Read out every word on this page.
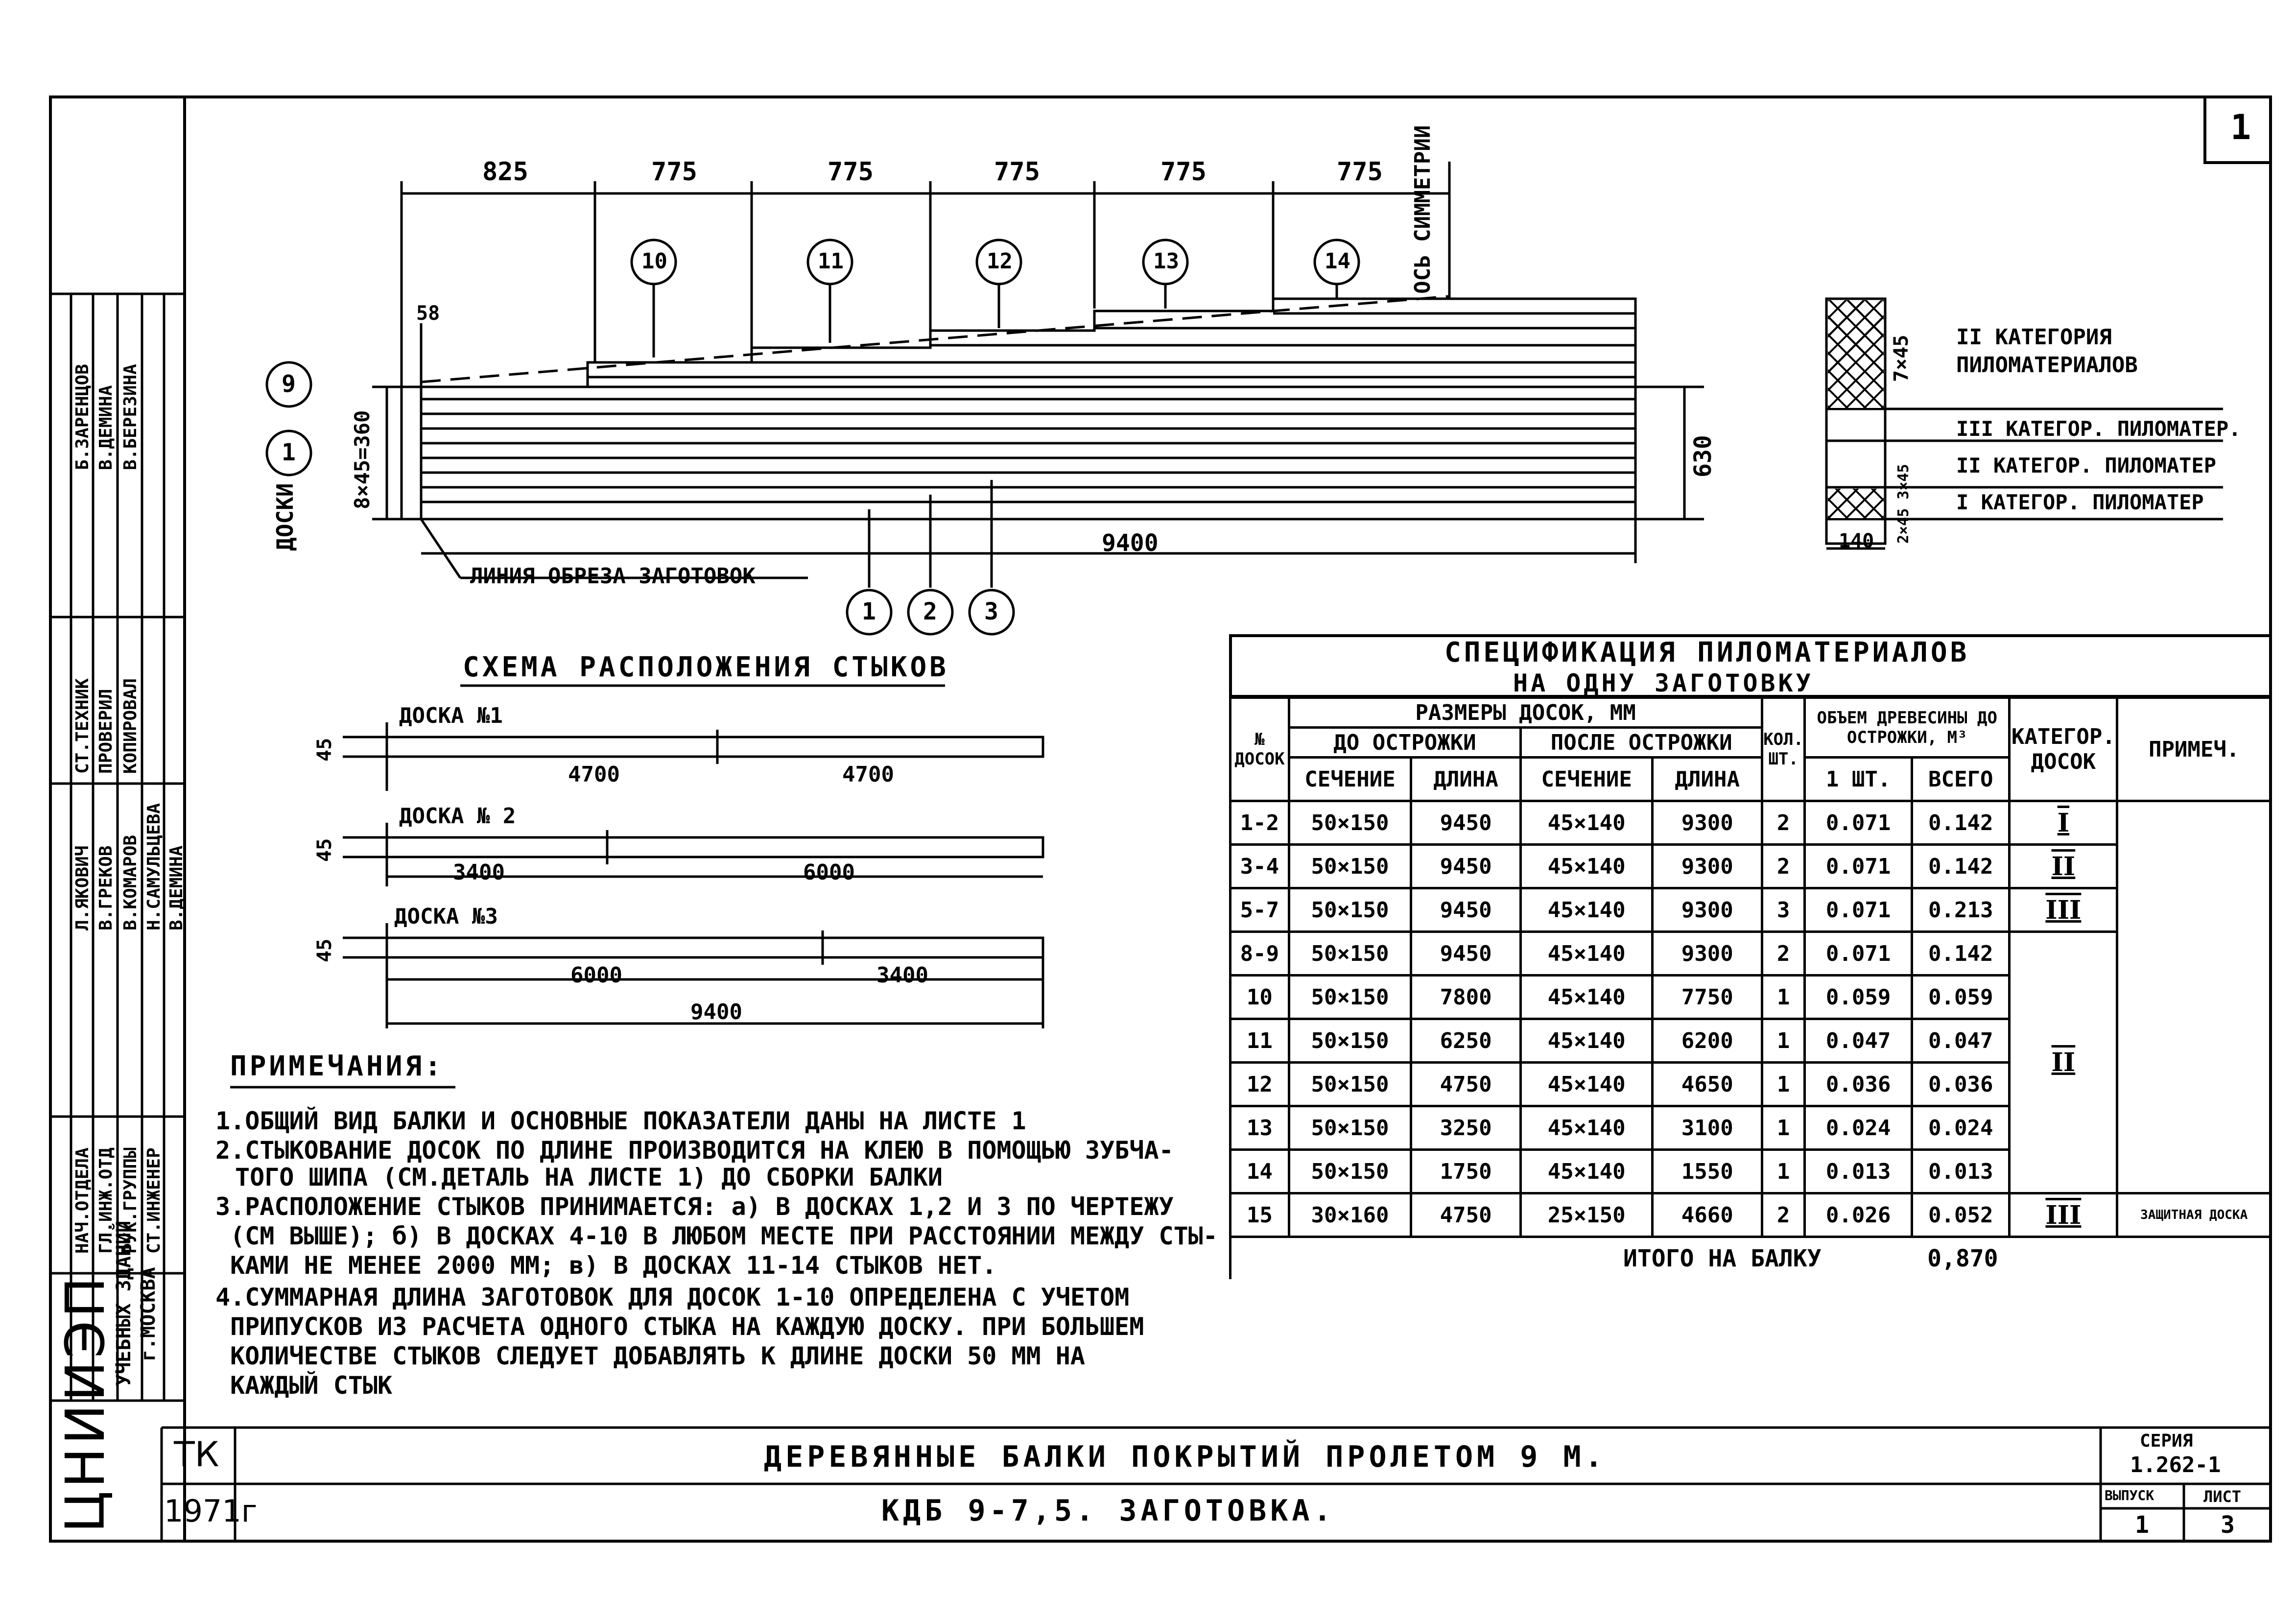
1
825	775	775	775	775	775 ОСЬ СИММЕТРИИ
10	11	12	13	14
1 2 3
9
1
58
8×45=360	630
9400
ДОСКИ
ЛИНИЯ ОБРЕЗА ЗАГОТОВОК
7×45
2×45 3×45
140
II КАТЕГОРИЯ ПИЛОМАТЕРИАЛОВ
III КАТЕГОР. ПИЛОМАТЕР.
II КАТЕГОР. ПИЛОМАТЕР
I КАТЕГОР. ПИЛОМАТЕР
СХЕМА РАСПОЛОЖЕНИЯ СТЫКОВ
ДОСКА №1
4700	4700
45
ДОСКА № 2
3400	6000
45
ДОСКА №3
6000	3400
45
9400
ПРИМЕЧАНИЯ:
1.ОБЩИЙ ВИД БАЛКИ И ОСНОВНЫЕ ПОКАЗАТЕЛИ ДАНЫ НА ЛИСТЕ 1
2.СТЫКОВАНИЕ ДОСОК ПО ДЛИНЕ ПРОИЗВОДИТСЯ НА КЛЕЮ В ПОМОЩЬЮ ЗУБЧА-
ТОГО ШИПА (СМ.ДЕТАЛЬ НА ЛИСТЕ 1) ДО СБОРКИ БАЛКИ
3.РАСПОЛОЖЕНИЕ СТЫКОВ ПРИНИМАЕТСЯ: а) В ДОСКАХ 1,2 И 3 ПО ЧЕРТЕЖУ
(СМ ВЫШЕ); б) В ДОСКАХ 4-10 В ЛЮБОМ МЕСТЕ ПРИ РАССТОЯНИИ МЕЖДУ СТЫ-
КАМИ НЕ МЕНЕЕ 2000 ММ; в) В ДОСКАХ 11-14 СТЫКОВ НЕТ.
4.СУММАРНАЯ ДЛИНА ЗАГОТОВОК ДЛЯ ДОСОК 1-10 ОПРЕДЕЛЕНА С УЧЕТОМ
ПРИПУСКОВ ИЗ РАСЧЕТА ОДНОГО СТЫКА НА КАЖДУЮ ДОСКУ. ПРИ БОЛЬШЕМ
КОЛИЧЕСТВЕ СТЫКОВ СЛЕДУЕТ ДОБАВЛЯТЬ К ДЛИНЕ ДОСКИ 50 ММ НА
КАЖДЫЙ СТЫК
СПЕЦИФИКАЦИЯ ПИЛОМАТЕРИАЛОВ
НА ОДНУ ЗАГОТОВКУ
№ ДОСОК	РАЗМЕРЫ ДОСОК, ММ				КОЛ. ШТ.	ОБЪЕМ ДРЕВЕСИНЫ ДО ОСТРОЖКИ, М³		КАТЕГОР. ДОСОК	ПРИМЕЧ.
	ДО ОСТРОЖКИ		ПОСЛЕ ОСТРОЖКИ						
	СЕЧЕНИЕ	ДЛИНА	СЕЧЕНИЕ	ДЛИНА		1 ШТ.	ВСЕГО		
1-2	50×150	9450	45×140	9300	2	0.071	0.142	I	
3-4	50×150	9450	45×140	9300	2	0.071	0.142	II	
5-7	50×150	9450	45×140	9300	3	0.071	0.213	III	
8-9	50×150	9450	45×140	9300	2	0.071	0.142	II	
10	50×150	7800	45×140	7750	1	0.059	0.059		
11	50×150	6250	45×140	6200	1	0.047	0.047		
12	50×150	4750	45×140	4650	1	0.036	0.036		
13	50×150	3250	45×140	3100	1	0.024	0.024		
14	50×150	1750	45×140	1550	1	0.013	0.013		
15	30×160	4750	25×150	4660	2	0.026	0.052	III	ЗАЩИТНАЯ ДОСКА
ИТОГО НА БАЛКУ 0,870									
ТК
1971г
ДЕРЕВЯННЫЕ БАЛКИ ПОКРЫТИЙ ПРОЛЕТОМ 9 М.
КДБ 9-7,5. ЗАГОТОВКА.
СЕРИЯ
1.262-1
ВЫПУСК
1
ЛИСТ
3
ЦНИИЭП
УЧЕБНЫХ ЗДАНИЙ г.МОСКВА
НАЧ.ОТДЕЛА ГЛ.ИНЖ.ОТД РУК.ГРУППЫ СТ.ИНЖЕНЕР
СТ.ТЕХНИК ПРОВЕРИЛ КОПИРОВАЛ
Л.ЯКОВИЧ В.ГРЕКОВ В.КОМАРОВ Н.САМУЛЬЦЕВА В.ДЕМИНА
Б.ЗАРЕНЦОВ В.ДЕМИНА В.БЕРЕЗИНА
